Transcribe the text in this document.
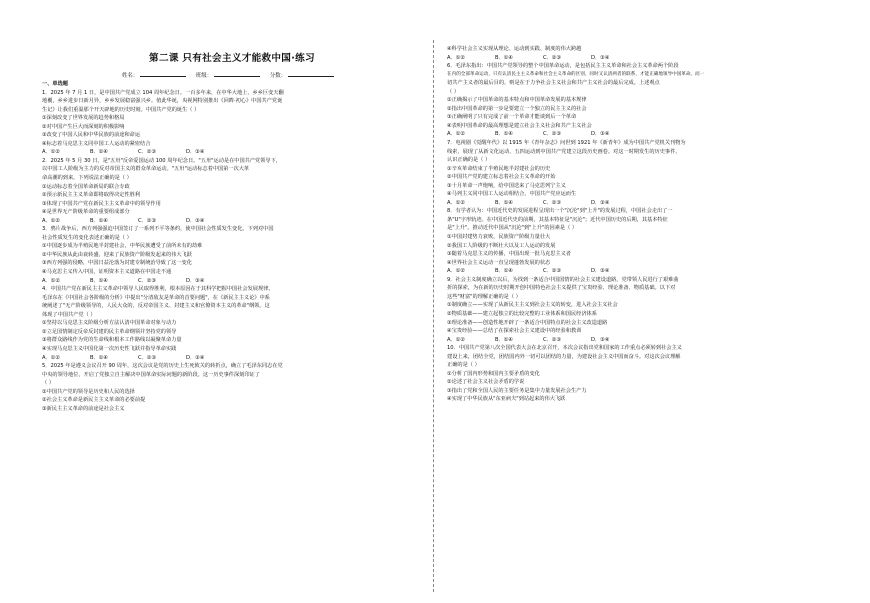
第二课 只有社会主义才能救中国·练习
姓名：	班级：	分数：

一、单选题

1．2025 年 7 月 1 日，是中国共产党成立 104 周年纪念日。一百多年来，在中华大地上，乡乡巨变天翻

地覆，乡乡进步日新月异，乡乡发展稳富强兴乡。值此华诞，央视网特别推出《回眸·初心》中国共产党诞

生记》让我们重温那个开天辟地的历史时刻。中国共产党的诞生（ ）

①深刻改变了世界发展的趋势和格局

②对中国产生巨大而深刻的积极影响

③改变了中国人民和中华民族的前途和命运

④标志着马克思主义同中国工人运动的紧密结合

A．①②	B．①④	C．②③	D．③④

2．2025 年 5 月 30 日，是"五卅"反帝爱国运动 100 周年纪念日。"五卅"运动是在中国共产党领导下，

以中国工人阶级为主力的反对帝国主义的群众革命运动。"五卅"运动标志着中国第一次大革

命高潮的到来。下列说法正确的是（ ）

①运动标志着全国革命新局的联合专政

②预示新民主主义革命即将取得决定性胜利

③体现了中国共产党在新民主主义革命中的领导作用

④是世界无产阶级革命的重要组成部分

A．①②	B．①④	C．②③	D．③④

3．鸦片战争后，西方列强强迫中国签订了一系列不平等条约，使中国社会性质发生变化。下列对中国

社会性质发生的变化表述正确的是（ ）

①中国逐步成为半殖民地半封建社会，中华民族遭受了前所未有的劫难

②中华民族从此由衰转盛，迎来了民族资产阶级发起来的伟大飞跃

③西方列强的侵略，中国日益沦落为封建专制统治导致了这一变化

④马克思主义传入中国，证明资本主义道路在中国走不通

A．①②	B．①④	C．②③	D．③④

4．中国共产党在新民主主义革命中领导人民取得胜利，根本原因在于其科学把握中国社会发展规律。

毛泽东在《中国社会各阶级的分析》中提出"分清敌友是革命的首要问题"，在《新民主主义论》中系

统阐述了"无产阶级领导的，人民大众的，反对帝国主义、封建主义和官僚资本主义的革命"纲领。这

体现了中国共产党（ ）

①坚持以马克思主义阶级分析方法认清中国革命对象与动力

②立足国情制定反帝反封建的民主革命纲领并坚持党的领导

③将群众路线作为党的生命线和根本工作路线以凝聚革命力量

④实现马克思主义中国化第一次历史性飞跃并指导革命实践

A．①②	B．①④	C．②③	D．③④

5．2025 年是遵义会议召开 90 周年，这次会议是党的历史上生死攸关的转折点，确立了毛泽东同志在党

中央的领导地位，开启了党独立自主解决中国革命实际问题的新阶段。这一历史事件深刻印证了

（ ）

①中国共产党的领导是历史和人民的选择

②社会主义革命是新民主主义革命的必要前提

③新民主主义革命的前途是社会主义

④科学社会主义实现从理论、运动到实践、制度的伟大跨越

A．①②	B．①④	C．②③	D．③④

6．毛泽东指出：中国共产党领导的整个中国革命运动，是包括民主主义革命和社会主义革命两个阶段

在内的全部革命运动，只有认清民主主义革命和社会主义革命的区别，同时又认清两者的联系，才能正确地领导中国革命。而一

切共产主义者的最后目的，则是在于力争社会主义社会和共产主义社会的最后完成。上述观点

（ ）

①正确揭示了中国革命的基本特点和中国革命发展的基本规律

②指出中国革命的第一步是要建立一个独立的民主主义的社会

③正确阐明了只有完成了前一个革命才能谈到后一个革命

④表明中国革命的最高理想是建立社会主义社会和共产主义社会

A．①②	B．①④	C．②③	D．③④

7．电视剧《觉醒年代》以 1915 年《青年杂志》问世到 1921 年《新青年》成为中国共产党机关刊物为

线索，展现了从新文化运动、五四运动到中国共产党建立这段历史画卷。对这一时期发生的历史事件，

认识正确的是（ ）

①辛亥革命结束了半殖民地半封建社会的历史

②中国共产党的建立标志着社会主义革命的开始

③十月革命一声炮响，给中国送来了马克思列宁主义

④马列主义同中国工人运动相结合，中国共产党应运而生

A．①②	B．①④	C．②③	D．③④

8．有学者认为：中国近代史的发展进程呈现出一个"沉沦"到"上升"的发展过程，中国社会走出了一

条"U"字形轨迹。在中国近代史的前期，其基本特征是"沉沦"；近代中国历史的后期，其基本特征

是"上升"。推动近代中国从"沉沦"到"上升"的因素是（ ）

①中国封建势力衰败，民族资产阶级力量壮大

②我国工人阶级的不断壮大以及工人运动的发展

③随着马克思主义的传播，中国出现一批马克思主义者

④世界社会主义运动一直呈现蓬勃发展的状态

A．①②	B．①④	C．②③	D．③④

9．社会主义制度确立以后，为找到一条适合中国国情的社会主义建设道路，党带领人民进行了艰难曲

折的探索，为在新的历史时期开创中国特色社会主义提供了宝贵经验、理论准备、物质基础。以下对

这些"财富"的理解正确的是（ ）

①制度确立——实现了从新民主主义到社会主义的转变，进入社会主义社会

②物质基础——建立起独立的比较完整的工业体系和国民经济体系

③理论准备——创造性地开辟了一条适合中国特点的社会主义改造道路

④宝贵经验——总结了在探索社会主义建设中的经验和教训

A．①②	B．①④	C．②③	D．③④

10．中国共产党第八次全国代表大会在北京召开，本次会议指出党和国家的工作重点必须转到社会主义

建设上来，团结全党，团结国内外一切可以团结的力量，为建设社会主义中国而奋斗。对这次会议理解

正确的是（ ）

①分析了国内形势和国内主要矛盾的变化

②论述了社会主义社会矛盾的学说

③指出了党和全国人民的主要任务是集中力量发展社会生产力

④实现了中华民族从"东亚病夫"到站起来的伟大飞跃
